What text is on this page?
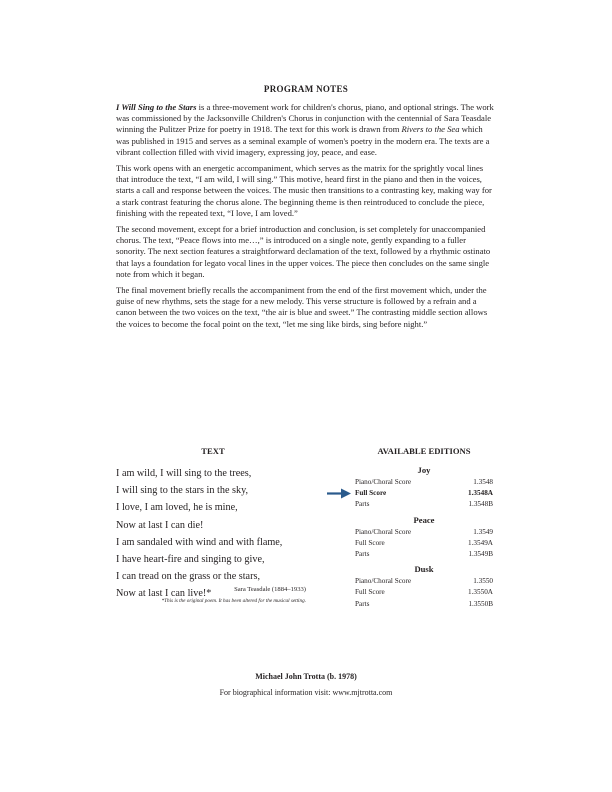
PROGRAM NOTES

I Will Sing to the Stars is a three-movement work for children's chorus, piano, and optional strings. The work was commissioned by the Jacksonville Children's Chorus in conjunction with the centennial of Sara Teasdale winning the Pulitzer Prize for poetry in 1918. The text for this work is drawn from Rivers to the Sea which was published in 1915 and serves as a seminal example of women's poetry in the modern era. The texts are a vibrant collection filled with vivid imagery, expressing joy, peace, and ease.

This work opens with an energetic accompaniment, which serves as the matrix for the sprightly vocal lines that introduce the text, “I am wild, I will sing.” This motive, heard first in the piano and then in the voices, starts a call and response between the voices. The music then transitions to a contrasting key, making way for a stark contrast featuring the chorus alone. The beginning theme is then reintroduced to conclude the piece, finishing with the repeated text, “I love, I am loved.”

The second movement, except for a brief introduction and conclusion, is set completely for unaccompanied chorus. The text, “Peace flows into me…,” is introduced on a single note, gently expanding to a fuller sonority. The next section features a straightforward declamation of the text, followed by a rhythmic ostinato that lays a foundation for legato vocal lines in the upper voices. The piece then concludes on the same single note from which it began.

The final movement briefly recalls the accompaniment from the end of the first movement which, under the guise of new rhythms, sets the stage for a new melody. This verse structure is followed by a refrain and a canon between the two voices on the text, “the air is blue and sweet.” The contrasting middle section allows the voices to become the focal point on the text, “let me sing like birds, sing before night.”

TEXT
I am wild, I will sing to the trees,
I will sing to the stars in the sky,
I love, I am loved, he is mine,
Now at last I can die!
I am sandaled with wind and with flame,
I have heart-fire and singing to give,
I can tread on the grass or the stars,
Now at last I can live!*	Sara Teasdale (1884–1933)
*This is the original poem. It has been altered for the musical setting.
AVAILABLE EDITIONS
Joy
Piano/Choral Score	1.3548
Full Score	1.3548A
Parts	1.3548B
Peace
Piano/Choral Score	1.3549
Full Score	1.3549A
Parts	1.3549B
Dusk
Piano/Choral Score	1.3550
Full Score	1.3550A
Parts	1.3550B
Michael John Trotta (b. 1978)
For biographical information visit: www.mjtrotta.com
